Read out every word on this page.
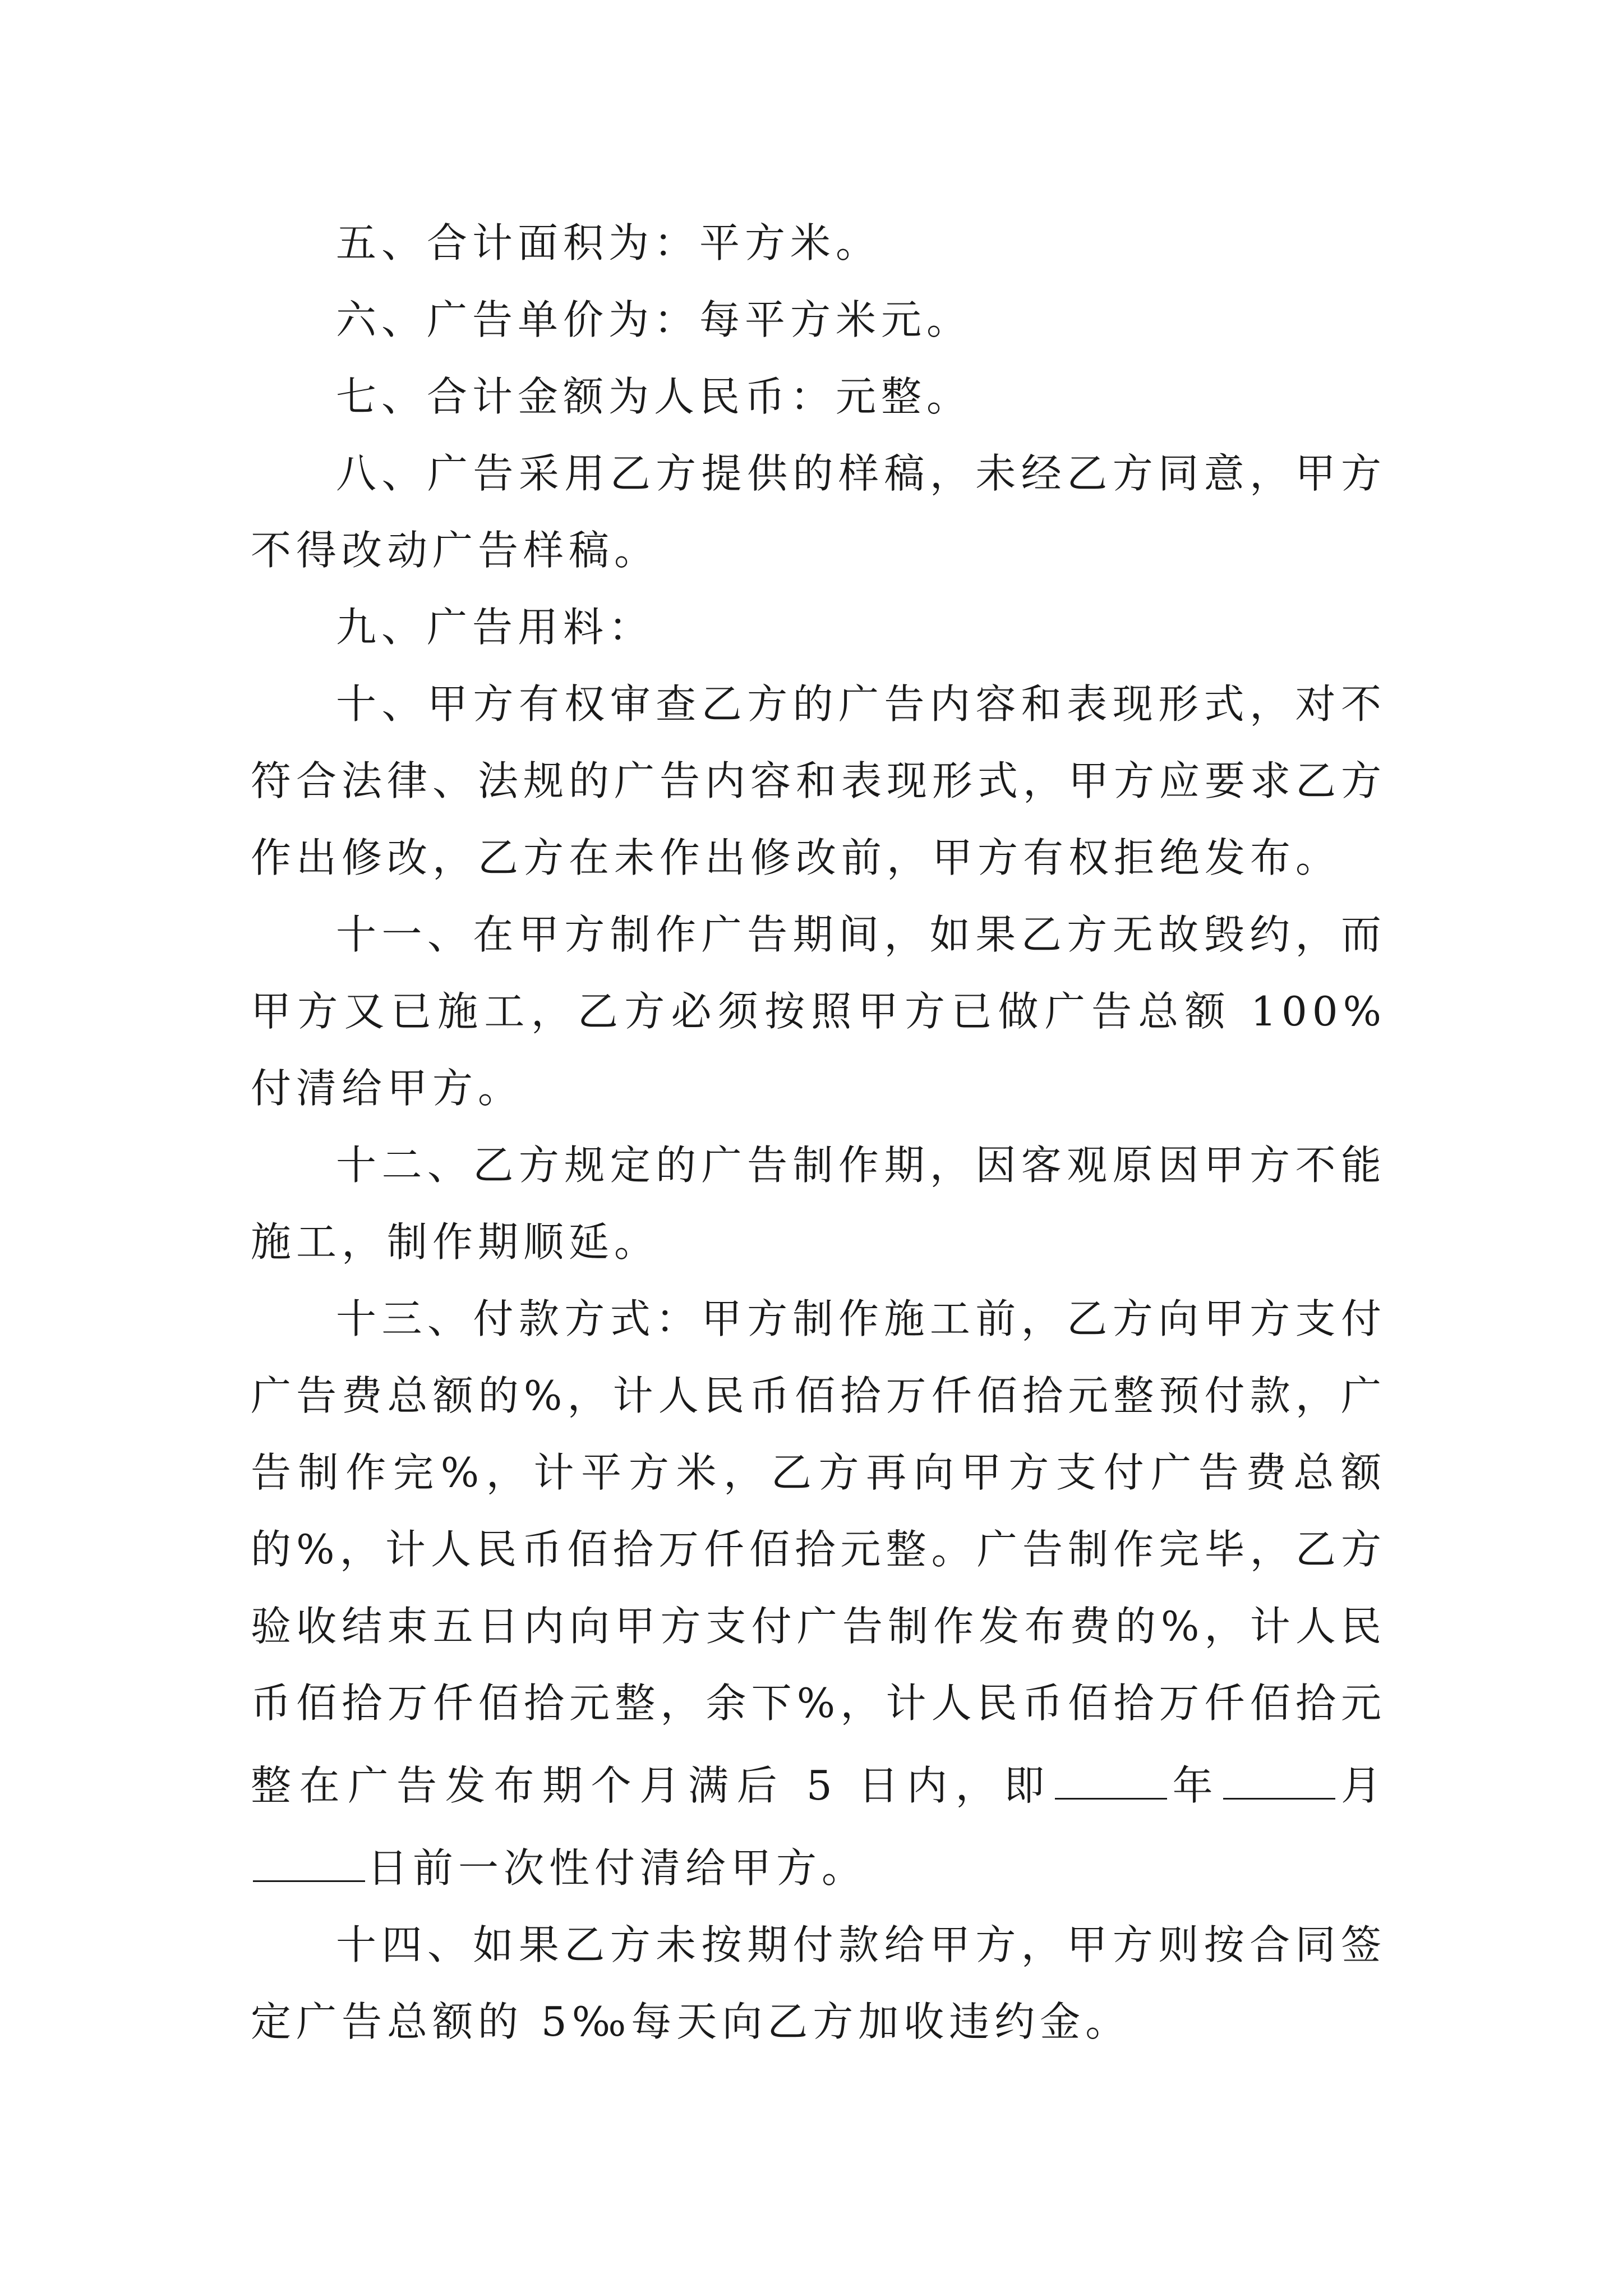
五、合计面积为：平方米。

六、广告单价为：每平方米元。

七、合计金额为人民币：元整。

八、广告采用乙方提供的样稿，未经乙方同意，甲方不得改动广告样稿。

九、广告用料：

十、甲方有权审查乙方的广告内容和表现形式，对不符合法律、法规的广告内容和表现形式，甲方应要求乙方作出修改，乙方在未作出修改前，甲方有权拒绝发布。

十一、在甲方制作广告期间，如果乙方无故毁约，而甲方又已施工，乙方必须按照甲方已做广告总额 100%付清给甲方。

十二、乙方规定的广告制作期，因客观原因甲方不能施工，制作期顺延。

十三、付款方式：甲方制作施工前，乙方向甲方支付广告费总额的%，计人民币佰拾万仟佰拾元整预付款，广告制作完%，计平方米，乙方再向甲方支付广告费总额的%，计人民币佰拾万仟佰拾元整。广告制作完毕，乙方验收结束五日内向甲方支付广告制作发布费的%，计人民币佰拾万仟佰拾元整，余下%，计人民币佰拾万仟佰拾元整在广告发布期个月满后 5 日内，即	年	月日前一次性付清给甲方。

十四、如果乙方未按期付款给甲方，甲方则按合同签定广告总额的 5‰每天向乙方加收违约金。
